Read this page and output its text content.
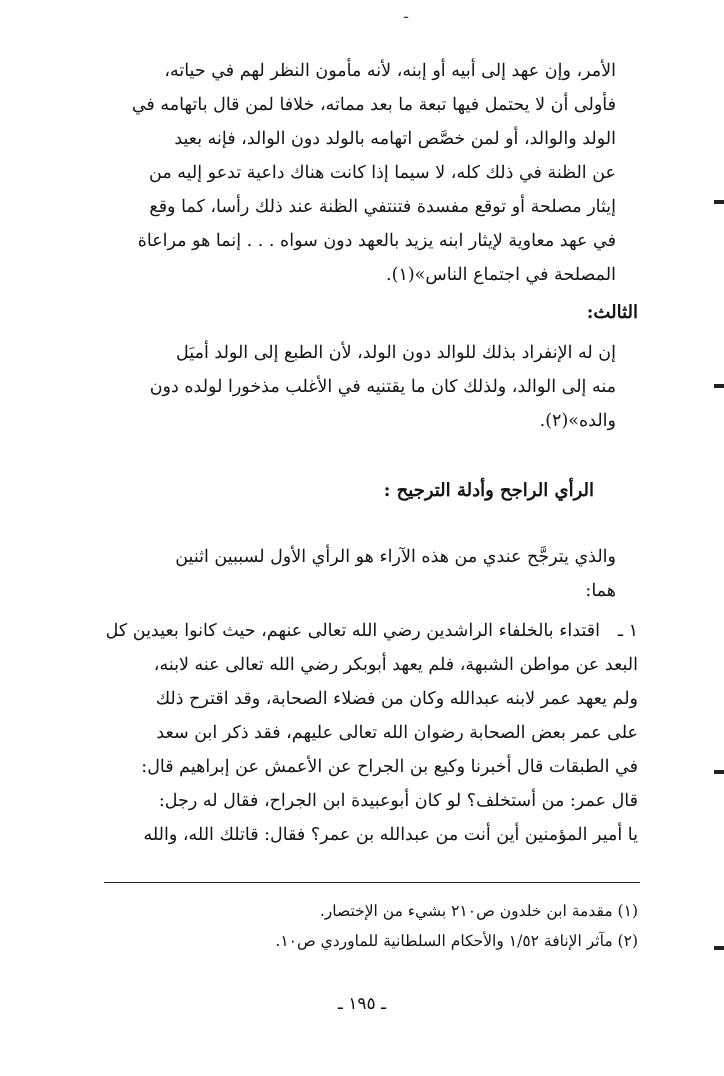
ـ
الأمر، وإن عهد إلى أبيه أو إبنه، لأنه مأمون النظر لهم في حياته،
فأولى أن لا يحتمل فيها تبعة ما بعد مماته، خلافا لمن قال باتهامه في
الولد والوالد، أو لمن خصَّص اتهامه بالولد دون الوالد، فإنه بعيد
عن الظنة في ذلك كله، لا سيما إذا كانت هناك داعية تدعو إليه من
إيثار مصلحة أو توقع مفسدة فتنتفي الظنة عند ذلك رأسا، كما وقع
في عهد معاوية لإيثار ابنه يزيد بالعهد دون سواه . . . إنما هو مراعاة
المصلحة في اجتماع الناس»(١).
الثالث:
إن له الإنفراد بذلك للوالد دون الولد، لأن الطبع إلى الولد أميَل
منه إلى الوالد، ولذلك كان ما يقتنيه في الأغلب مذخورا لولده دون
والده»(٢).
الرأي الراجح وأدلة الترجيح :
والذي يترجَّح عندي من هذه الآراء هو الرأي الأول لسببين اثنين
هما:
١ ـ
اقتداء بالخلفاء الراشدين رضي الله تعالى عنهم، حيث كانوا بعيدين كل
البعد عن مواطن الشبهة، فلم يعهد أبوبكر رضي الله تعالى عنه لابنه،
ولم يعهد عمر لابنه عبدالله وكان من فضلاء الصحابة، وقد اقترح ذلك
على عمر بعض الصحابة رضوان الله تعالى عليهم، فقد ذكر ابن سعد
في الطبقات قال أخبرنا وكيع بن الجراح عن الأعمش عن إبراهيم قال:
قال عمر: من أستخلف؟ لو كان أبوعبيدة ابن الجراح، فقال له رجل:
يا أمير المؤمنين أين أنت من عبدالله بن عمر؟ فقال: قاتلك الله، والله
(١) مقدمة ابن خلدون ص٢١٠ بشيء من الإختصار.
(٢) مآثر الإنافة ١/٥٢ والأحكام السلطانية للماوردي ص١٠.
ـ ١٩٥ ـ
